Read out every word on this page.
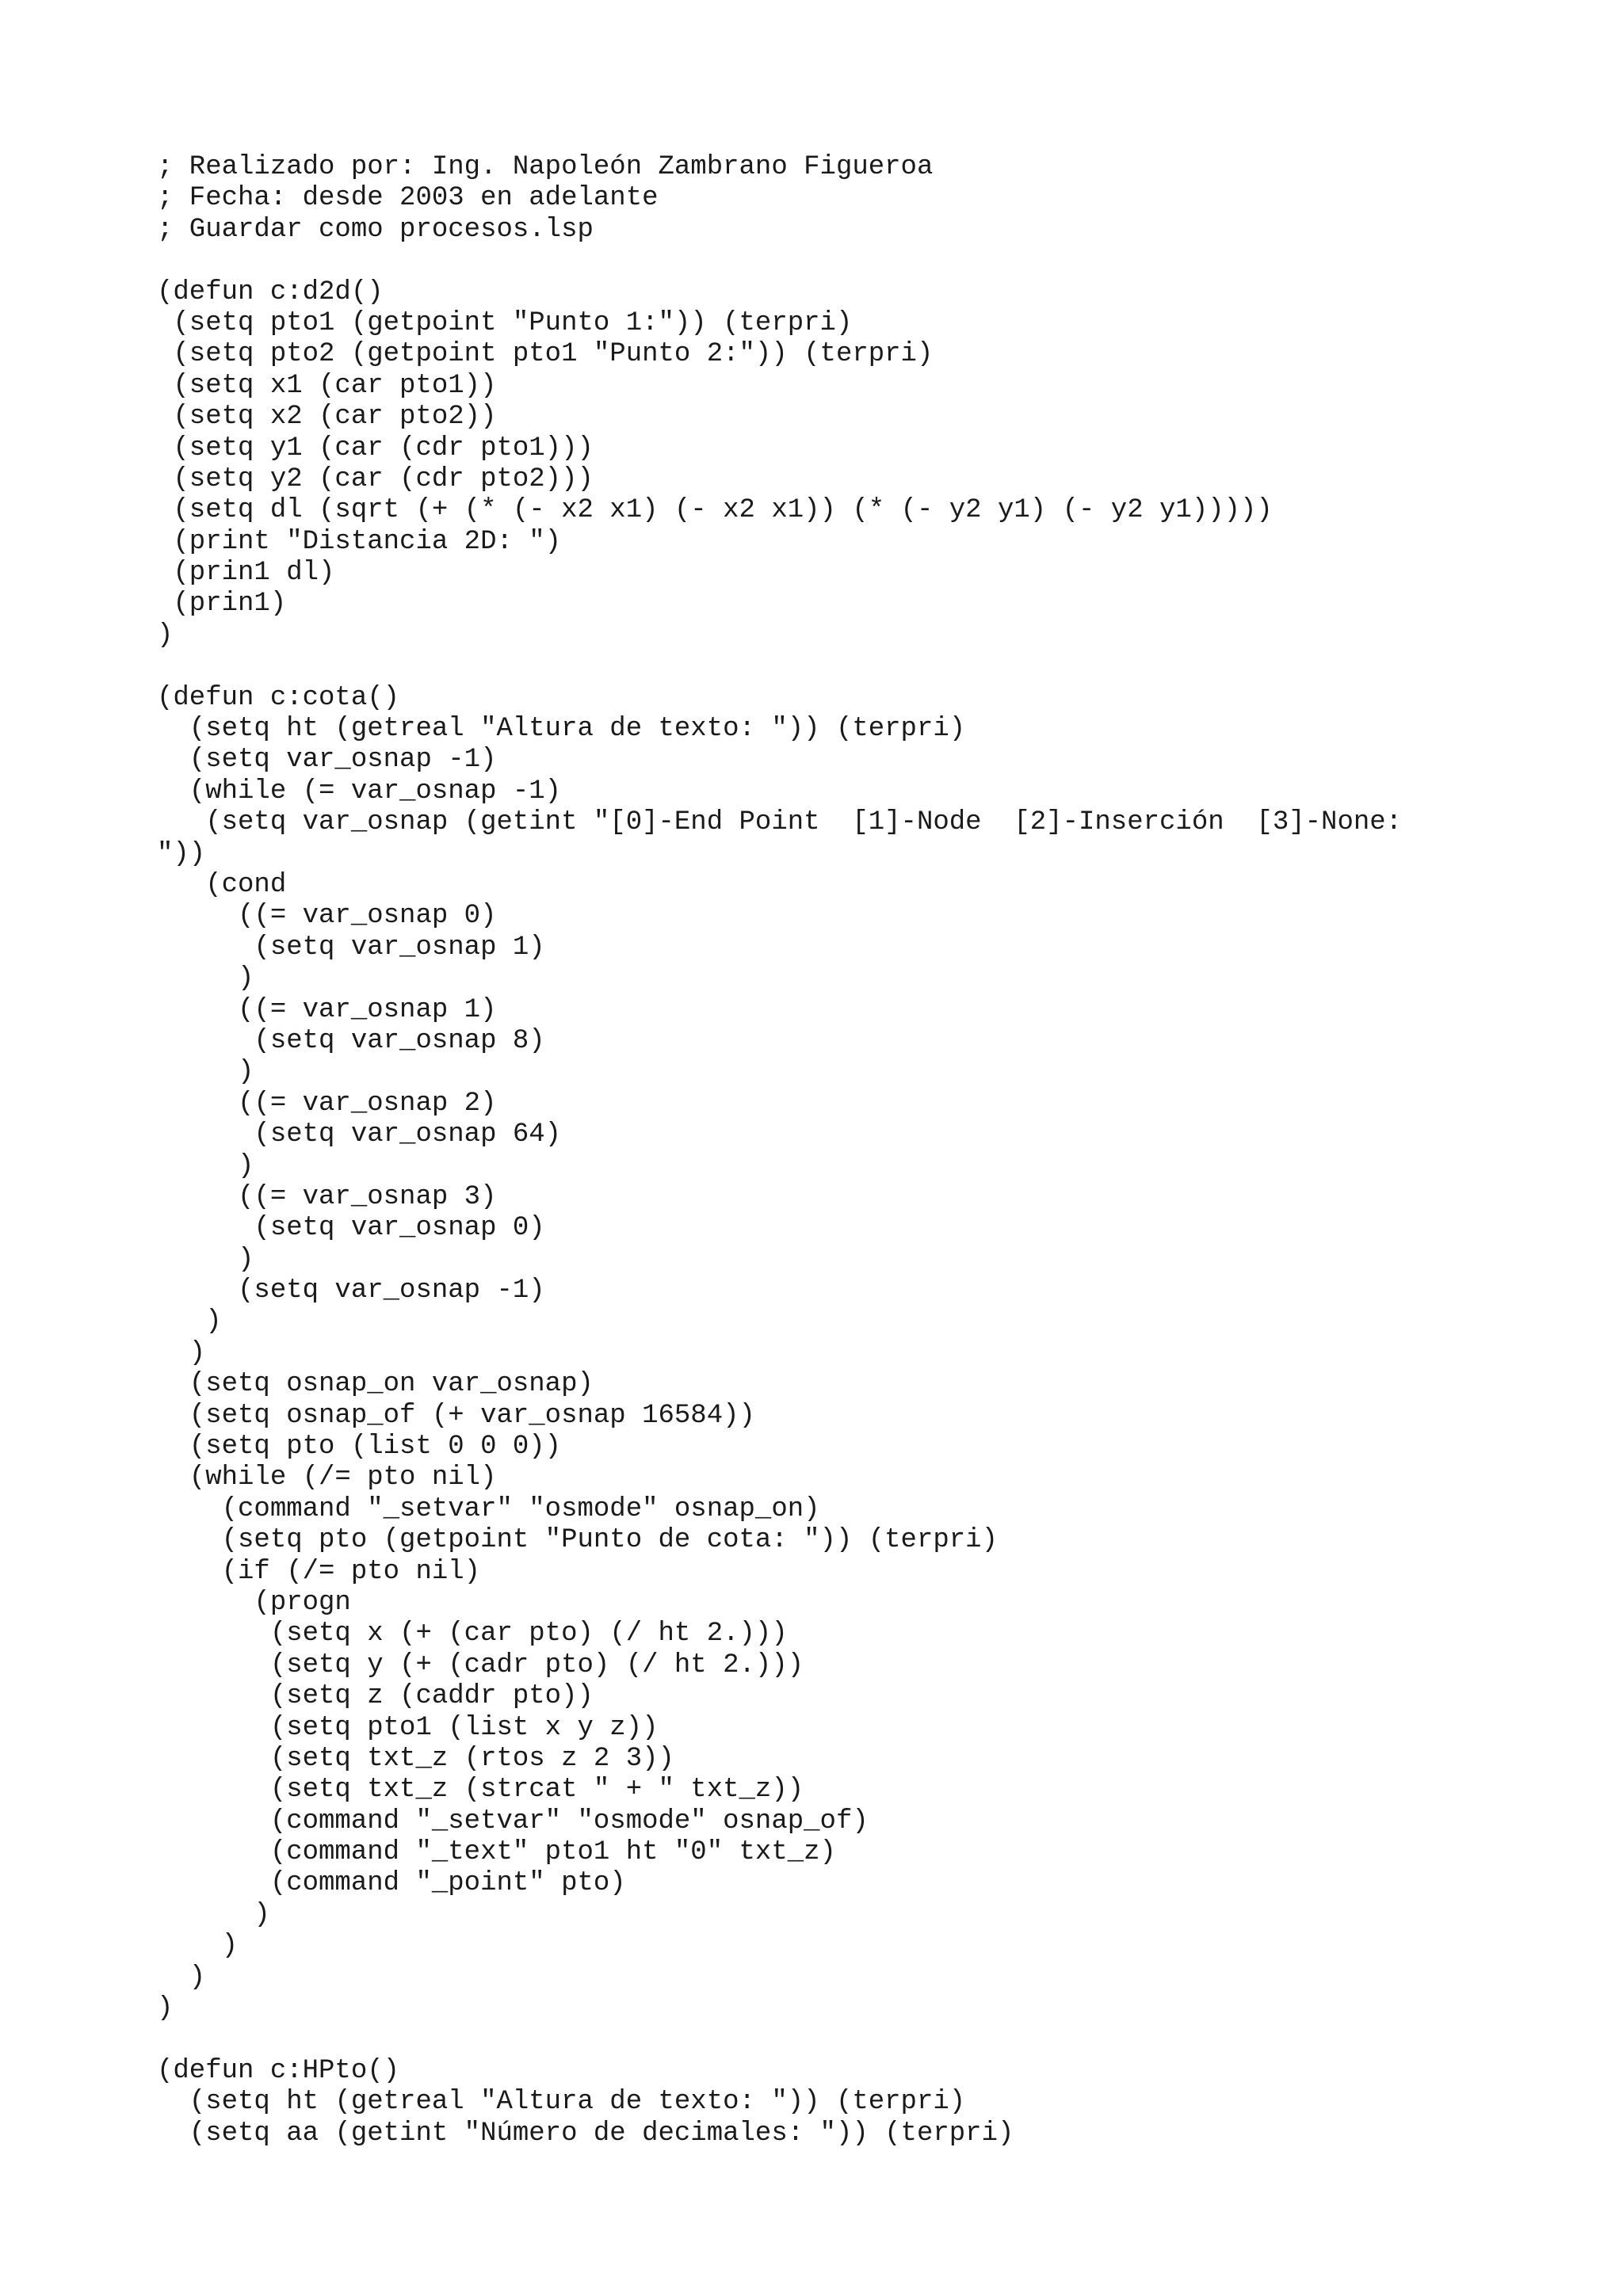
; Realizado por: Ing. Napoleón Zambrano Figueroa
; Fecha: desde 2003 en adelante
; Guardar como procesos.lsp
(defun c:d2d()
(setq pto1 (getpoint "Punto 1:")) (terpri)
(setq pto2 (getpoint pto1 "Punto 2:")) (terpri)
(setq x1 (car pto1))
(setq x2 (car pto2))
(setq y1 (car (cdr pto1)))
(setq y2 (car (cdr pto2)))
(setq dl (sqrt (+ (* (- x2 x1) (- x2 x1)) (* (- y2 y1) (- y2 y1)))))
(print "Distancia 2D: ")
(prin1 dl)
(prin1)
)
(defun c:cota()
(setq ht (getreal "Altura de texto: ")) (terpri)
(setq var_osnap -1)
(while (= var_osnap -1)
(setq var_osnap (getint "[0]-End Point  [1]-Node  [2]-Inserción  [3]-None:
"))
(cond
((= var_osnap 0)
(setq var_osnap 1)
)
((= var_osnap 1)
(setq var_osnap 8)
)
((= var_osnap 2)
(setq var_osnap 64)
)
((= var_osnap 3)
(setq var_osnap 0)
)
(setq var_osnap -1)
)
)
(setq osnap_on var_osnap)
(setq osnap_of (+ var_osnap 16584))
(setq pto (list 0 0 0))
(while (/= pto nil)
(command "_setvar" "osmode" osnap_on)
(setq pto (getpoint "Punto de cota: ")) (terpri)
(if (/= pto nil)
(progn
(setq x (+ (car pto) (/ ht 2.)))
(setq y (+ (cadr pto) (/ ht 2.)))
(setq z (caddr pto))
(setq pto1 (list x y z))
(setq txt_z (rtos z 2 3))
(setq txt_z (strcat " + " txt_z))
(command "_setvar" "osmode" osnap_of)
(command "_text" pto1 ht "0" txt_z)
(command "_point" pto)
)
)
)
)
(defun c:HPto()
(setq ht (getreal "Altura de texto: ")) (terpri)
(setq aa (getint "Número de decimales: ")) (terpri)
